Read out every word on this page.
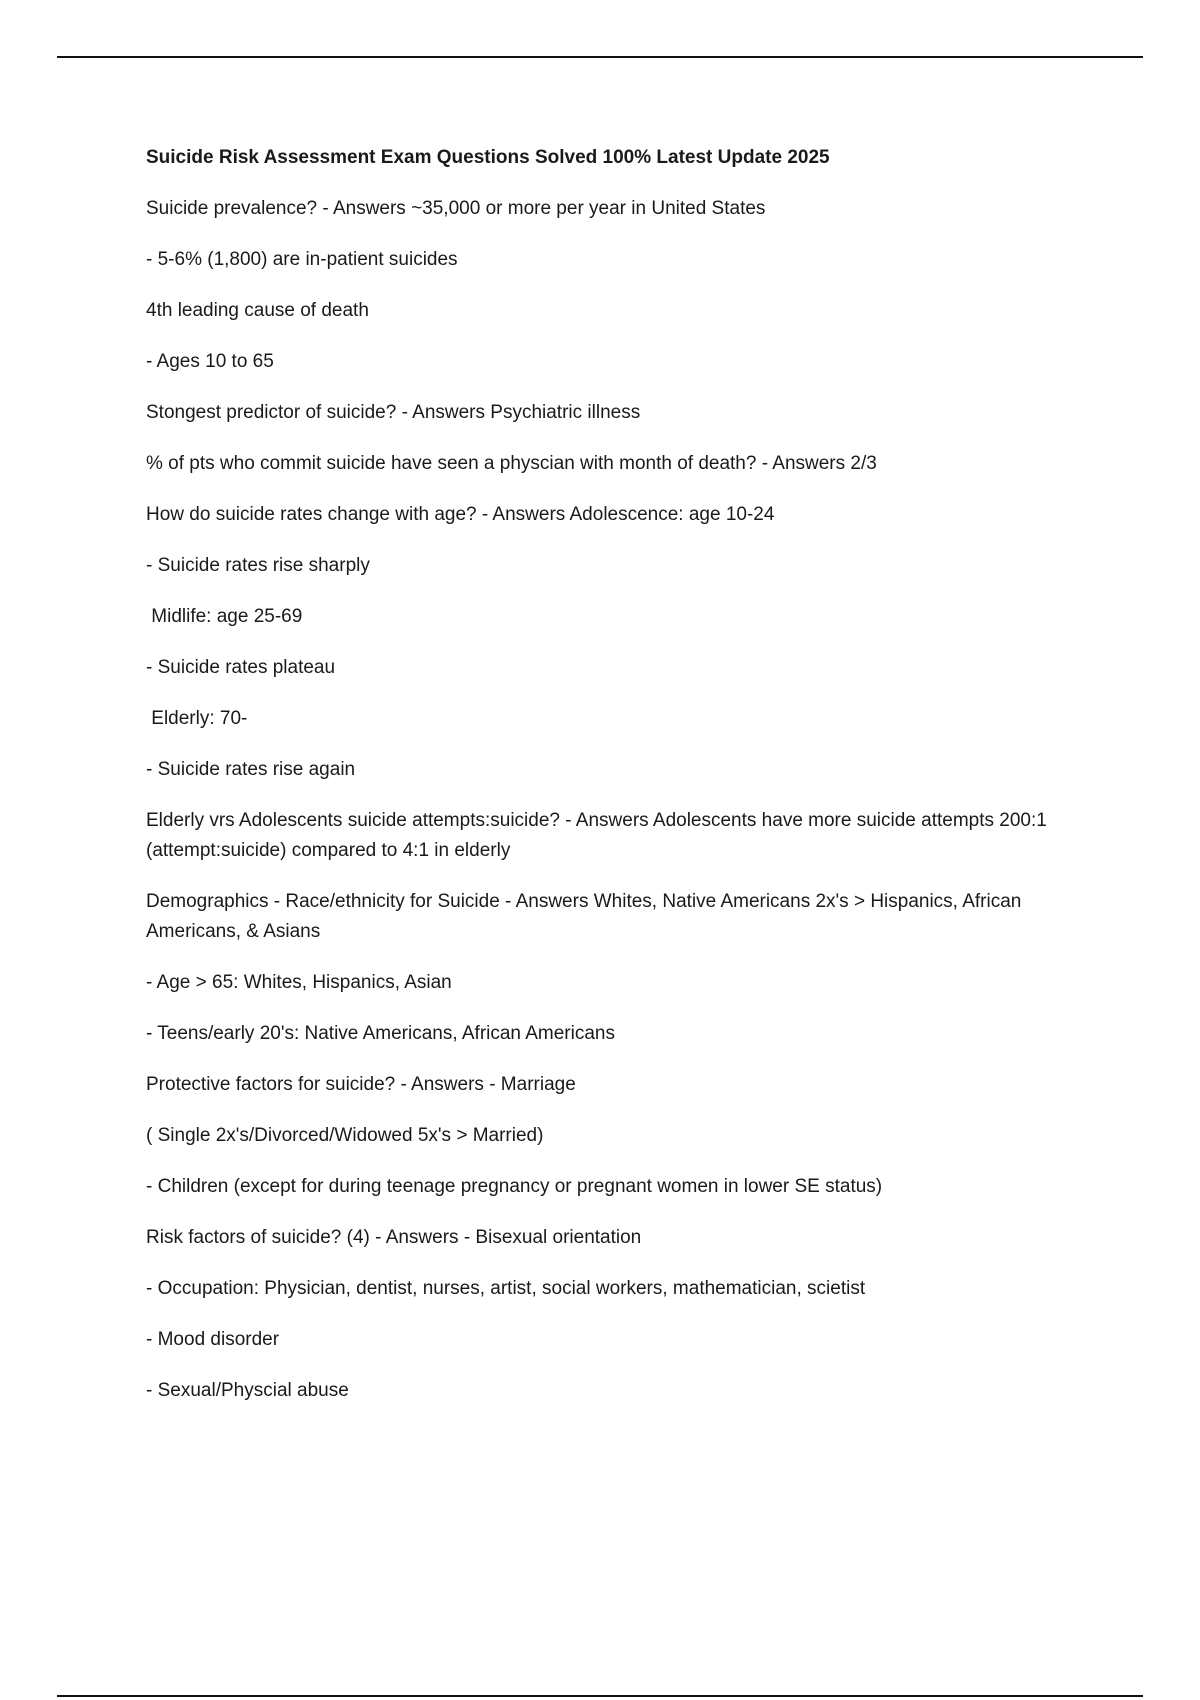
Suicide Risk Assessment Exam Questions Solved 100% Latest Update 2025
Suicide prevalence? - Answers ~35,000 or more per year in United States
- 5-6% (1,800) are in-patient suicides
4th leading cause of death
- Ages 10 to 65
Stongest predictor of suicide? - Answers Psychiatric illness
% of pts who commit suicide have seen a physcian with month of death? - Answers 2/3
How do suicide rates change with age? - Answers Adolescence: age 10-24
- Suicide rates rise sharply
Midlife: age 25-69
- Suicide rates plateau
Elderly: 70-
- Suicide rates rise again
Elderly vrs Adolescents suicide attempts:suicide? - Answers Adolescents have more suicide attempts 200:1 (attempt:suicide) compared to 4:1 in elderly
Demographics - Race/ethnicity for Suicide - Answers Whites, Native Americans 2x's > Hispanics, African Americans, & Asians
- Age > 65: Whites, Hispanics, Asian
- Teens/early 20's: Native Americans, African Americans
Protective factors for suicide? - Answers - Marriage
( Single 2x's/Divorced/Widowed 5x's > Married)
- Children (except for during teenage pregnancy or pregnant women in lower SE status)
Risk factors of suicide? (4) - Answers - Bisexual orientation
- Occupation: Physician, dentist, nurses, artist, social workers, mathematician, scietist
- Mood disorder
- Sexual/Physcial abuse
